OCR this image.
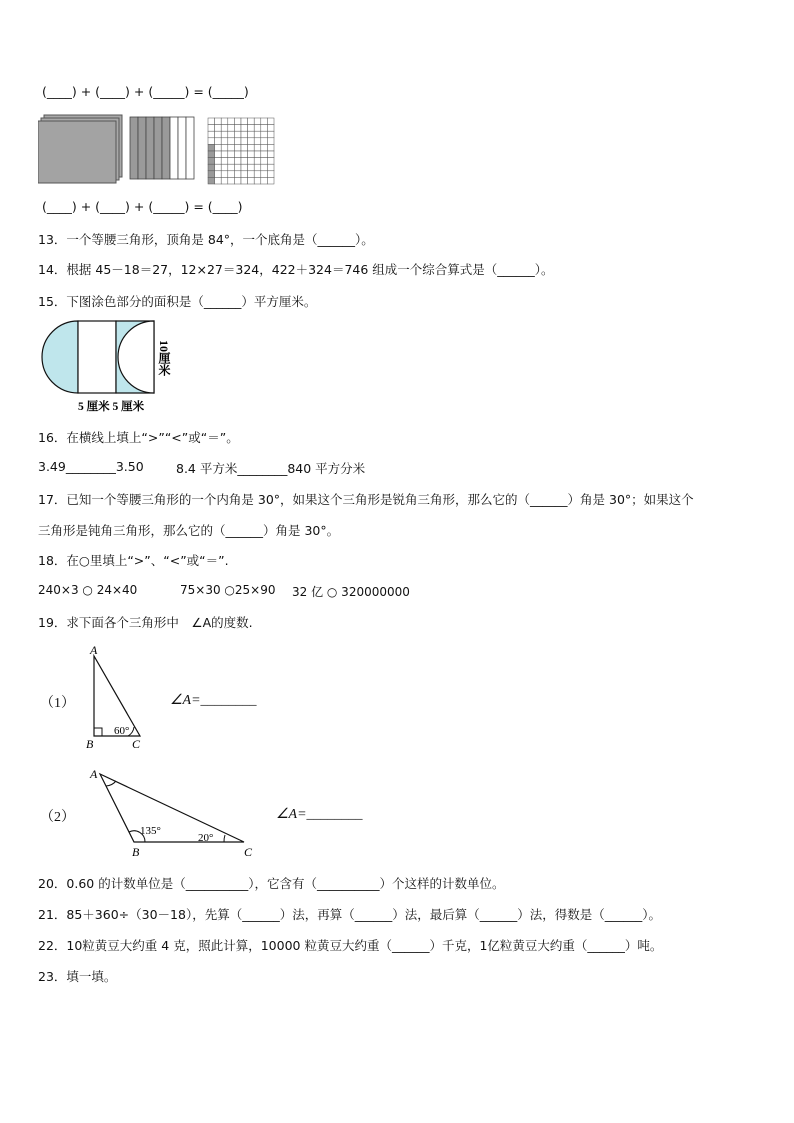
(____) + (____) + (_____) = (_____)
(____) + (____) + (_____) = (____)
13．一个等腰三角形，顶角是 84°，一个底角是（______）。
14．根据 45－18＝27，12×27＝324，422＋324＝746 组成一个综合算式是（______）。
15．下图涂色部分的面积是（______）平方厘米。
10厘米
5 厘米 5 厘米
16．在横线上填上“>”“<”或“＝”。
3.49________3.50	8.4 平方米________840 平方分米
17．已知一个等腰三角形的一个内角是 30°，如果这个三角形是锐角三角形，那么它的（______）角是 30°；如果这个
三角形是钝角三角形，那么它的（______）角是 30°。
18．在○里填上“>”、“<”或“＝”.
240×3 ○ 24×40	75×30 ○25×90 32 亿 ○ 320000000
19．求下面各个三角形中　∠A的度数.
（1）
A
B	C
60°
∠A=________
（2）
A
B	C
135°
20°
∠A=________
20．0.60 的计数单位是（__________），它含有（__________）个这样的计数单位。
21．85＋360÷（30－18），先算（______）法，再算（______）法，最后算（______）法，得数是（______）。
22．10粒黄豆大约重 4 克，照此计算，10000 粒黄豆大约重（______）千克，1亿粒黄豆大约重（______）吨。
23．填一填。
